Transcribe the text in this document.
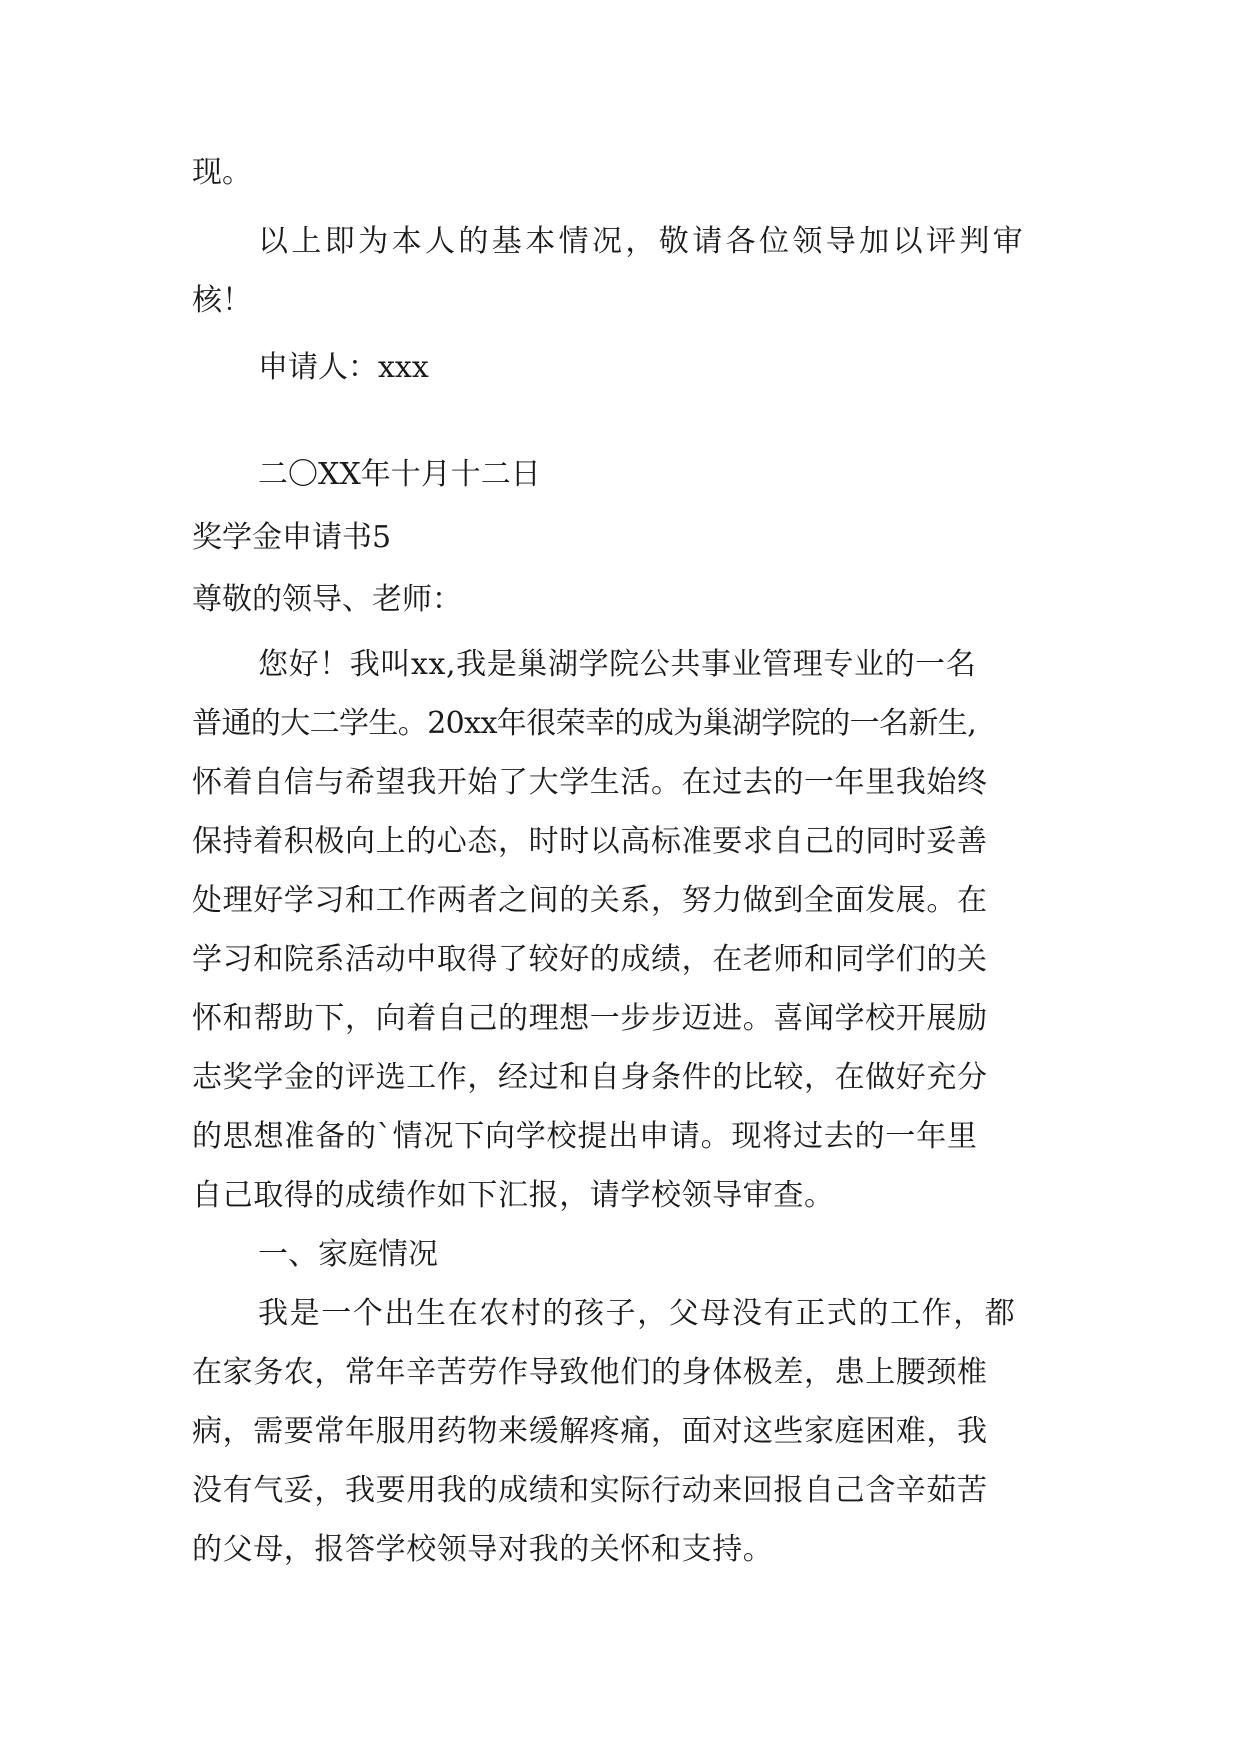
现。
以上即为本人的基本情况，敬请各位领导加以评判审
核！
申请人：xxx
二〇XX年十月十二日
奖学金申请书5
尊敬的领导、老师：
您好！我叫xx,我是巢湖学院公共事业管理专业的一名
普通的大二学生。20xx年很荣幸的成为巢湖学院的一名新生,
怀着自信与希望我开始了大学生活。在过去的一年里我始终
保持着积极向上的心态，时时以高标准要求自己的同时妥善
处理好学习和工作两者之间的关系，努力做到全面发展。在
学习和院系活动中取得了较好的成绩，在老师和同学们的关
怀和帮助下，向着自己的理想一步步迈进。喜闻学校开展励
志奖学金的评选工作，经过和自身条件的比较，在做好充分
的思想准备的`情况下向学校提出申请。现将过去的一年里
自己取得的成绩作如下汇报，请学校领导审查。
一、家庭情况
我是一个出生在农村的孩子，父母没有正式的工作，都
在家务农，常年辛苦劳作导致他们的身体极差，患上腰颈椎
病，需要常年服用药物来缓解疼痛，面对这些家庭困难，我
没有气妥，我要用我的成绩和实际行动来回报自己含辛茹苦
的父母，报答学校领导对我的关怀和支持。
